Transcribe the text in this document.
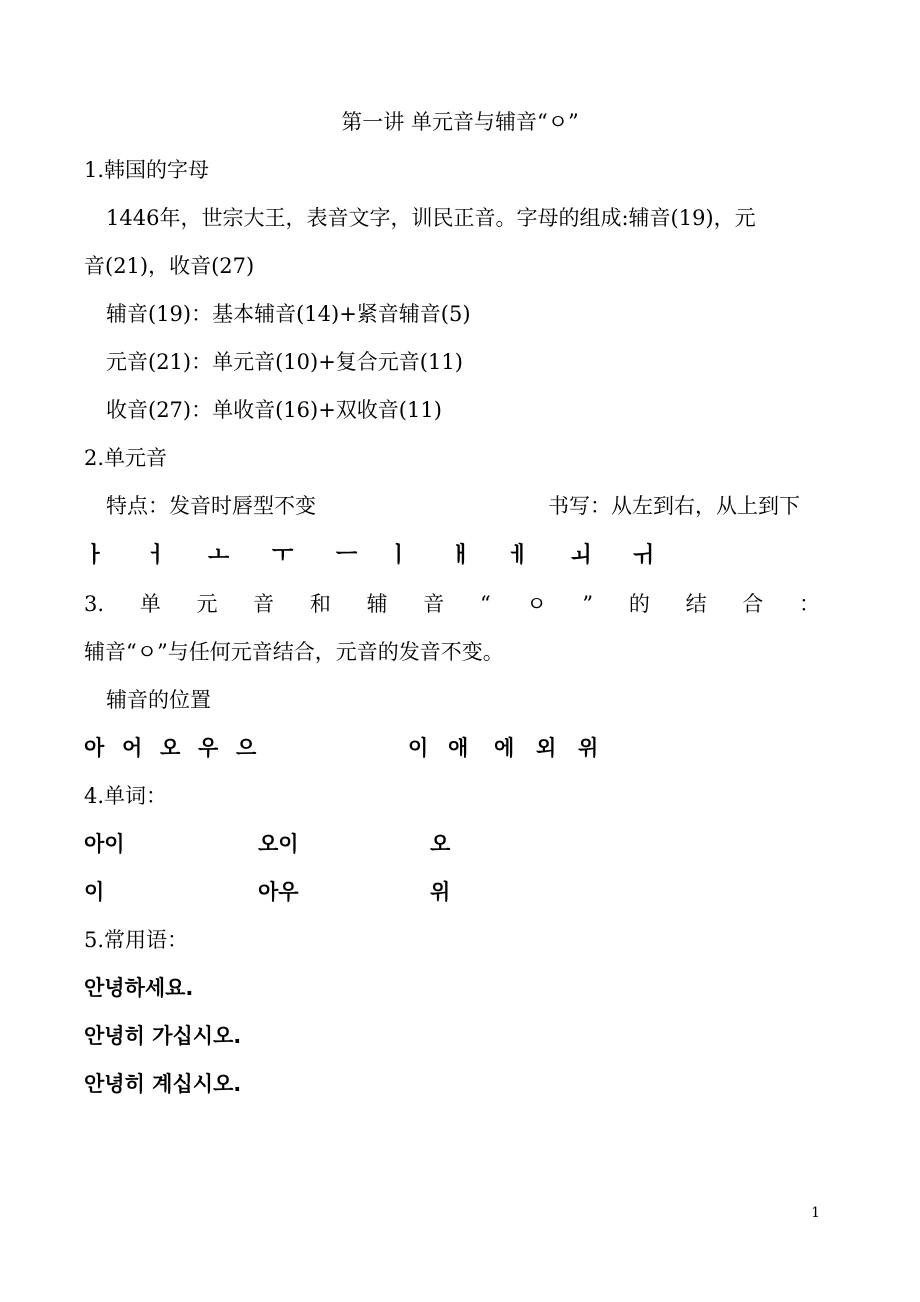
第一讲 单元音与辅音“ㅇ”
1.韩国的字母
1446年，世宗大王，表音文字，训民正音。字母的组成:辅音(19)，元
音(21)，收音(27)
辅音(19)：基本辅音(14)+紧音辅音(5)
元音(21)：单元音(10)+复合元音(11)
收音(27)：单收音(16)+双收音(11)
2.单元音
特点：发音时唇型不变	书写：从左到右，从上到下
ㅏ	ㅓ	ㅗ	ㅜ	ㅡ	ㅣ	ㅐ	ㅔ	ㅚ	ㅟ
3. 单 元 音 和 辅 音 “ ㅇ ” 的 结 合 ：
辅音“ㅇ”与任何元音结合，元音的发音不变。
辅音的位置
아 어 오 우 으	이 애	에	외	위
4.单词：
아이	오이	오
이	아우	위
5.常用语：
안녕하세요.
안녕히 가십시오.
안녕히 계십시오.
1
